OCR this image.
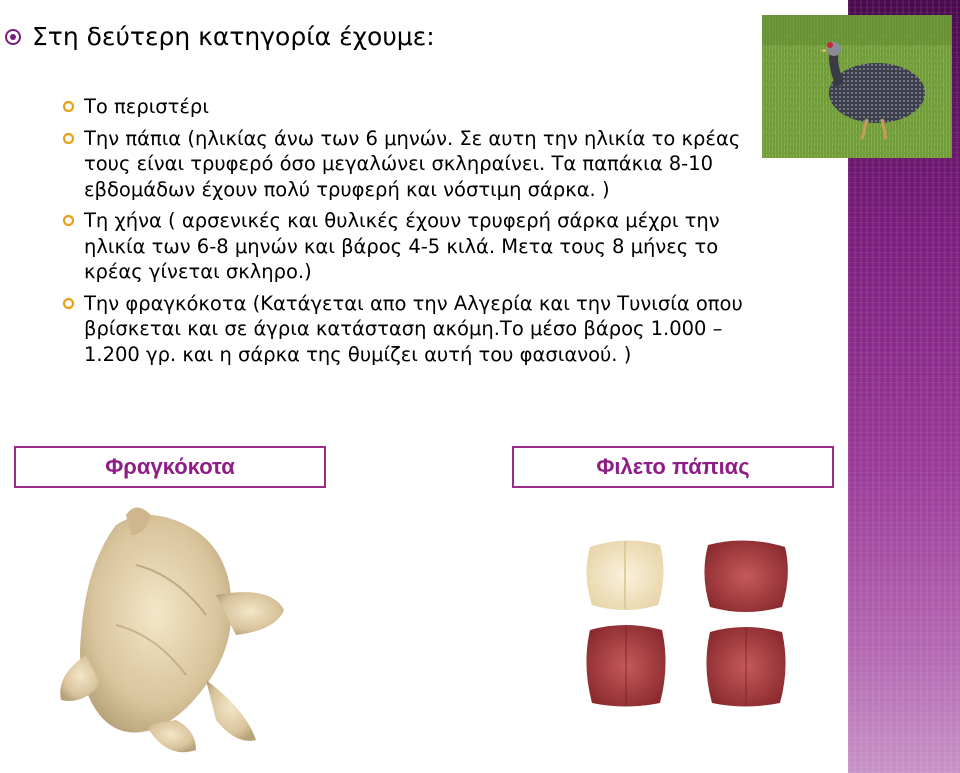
Στη δεύτερη κατηγορία έχουμε:
Το περιστέρι
Την πάπια (ηλικίας άνω των 6 μηνών. Σε αυτη την ηλικία το κρέας τους είναι τρυφερό όσο μεγαλώνει σκληραίνει. Τα παπάκια 8-10 εβδομάδων έχουν πολύ τρυφερή και νόστιμη σάρκα. )
Τη χήνα ( αρσενικές και θυλικές έχουν τρυφερή σάρκα μέχρι την ηλικία των 6-8 μηνών και βάρος 4-5 κιλά. Μετα τους 8 μήνες το κρέας γίνεται σκληρο.)
Την φραγκόκοτα (Κατάγεται απο την Αλγερία και την Τυνισία οπου βρίσκεται και σε άγρια κατάσταση ακόμη.Το μέσο βάρος 1.000 – 1.200 γρ. και η σάρκα της θυμίζει αυτή του φασιανού. )
Φραγκόκοτα	Φιλετο πάπιας
